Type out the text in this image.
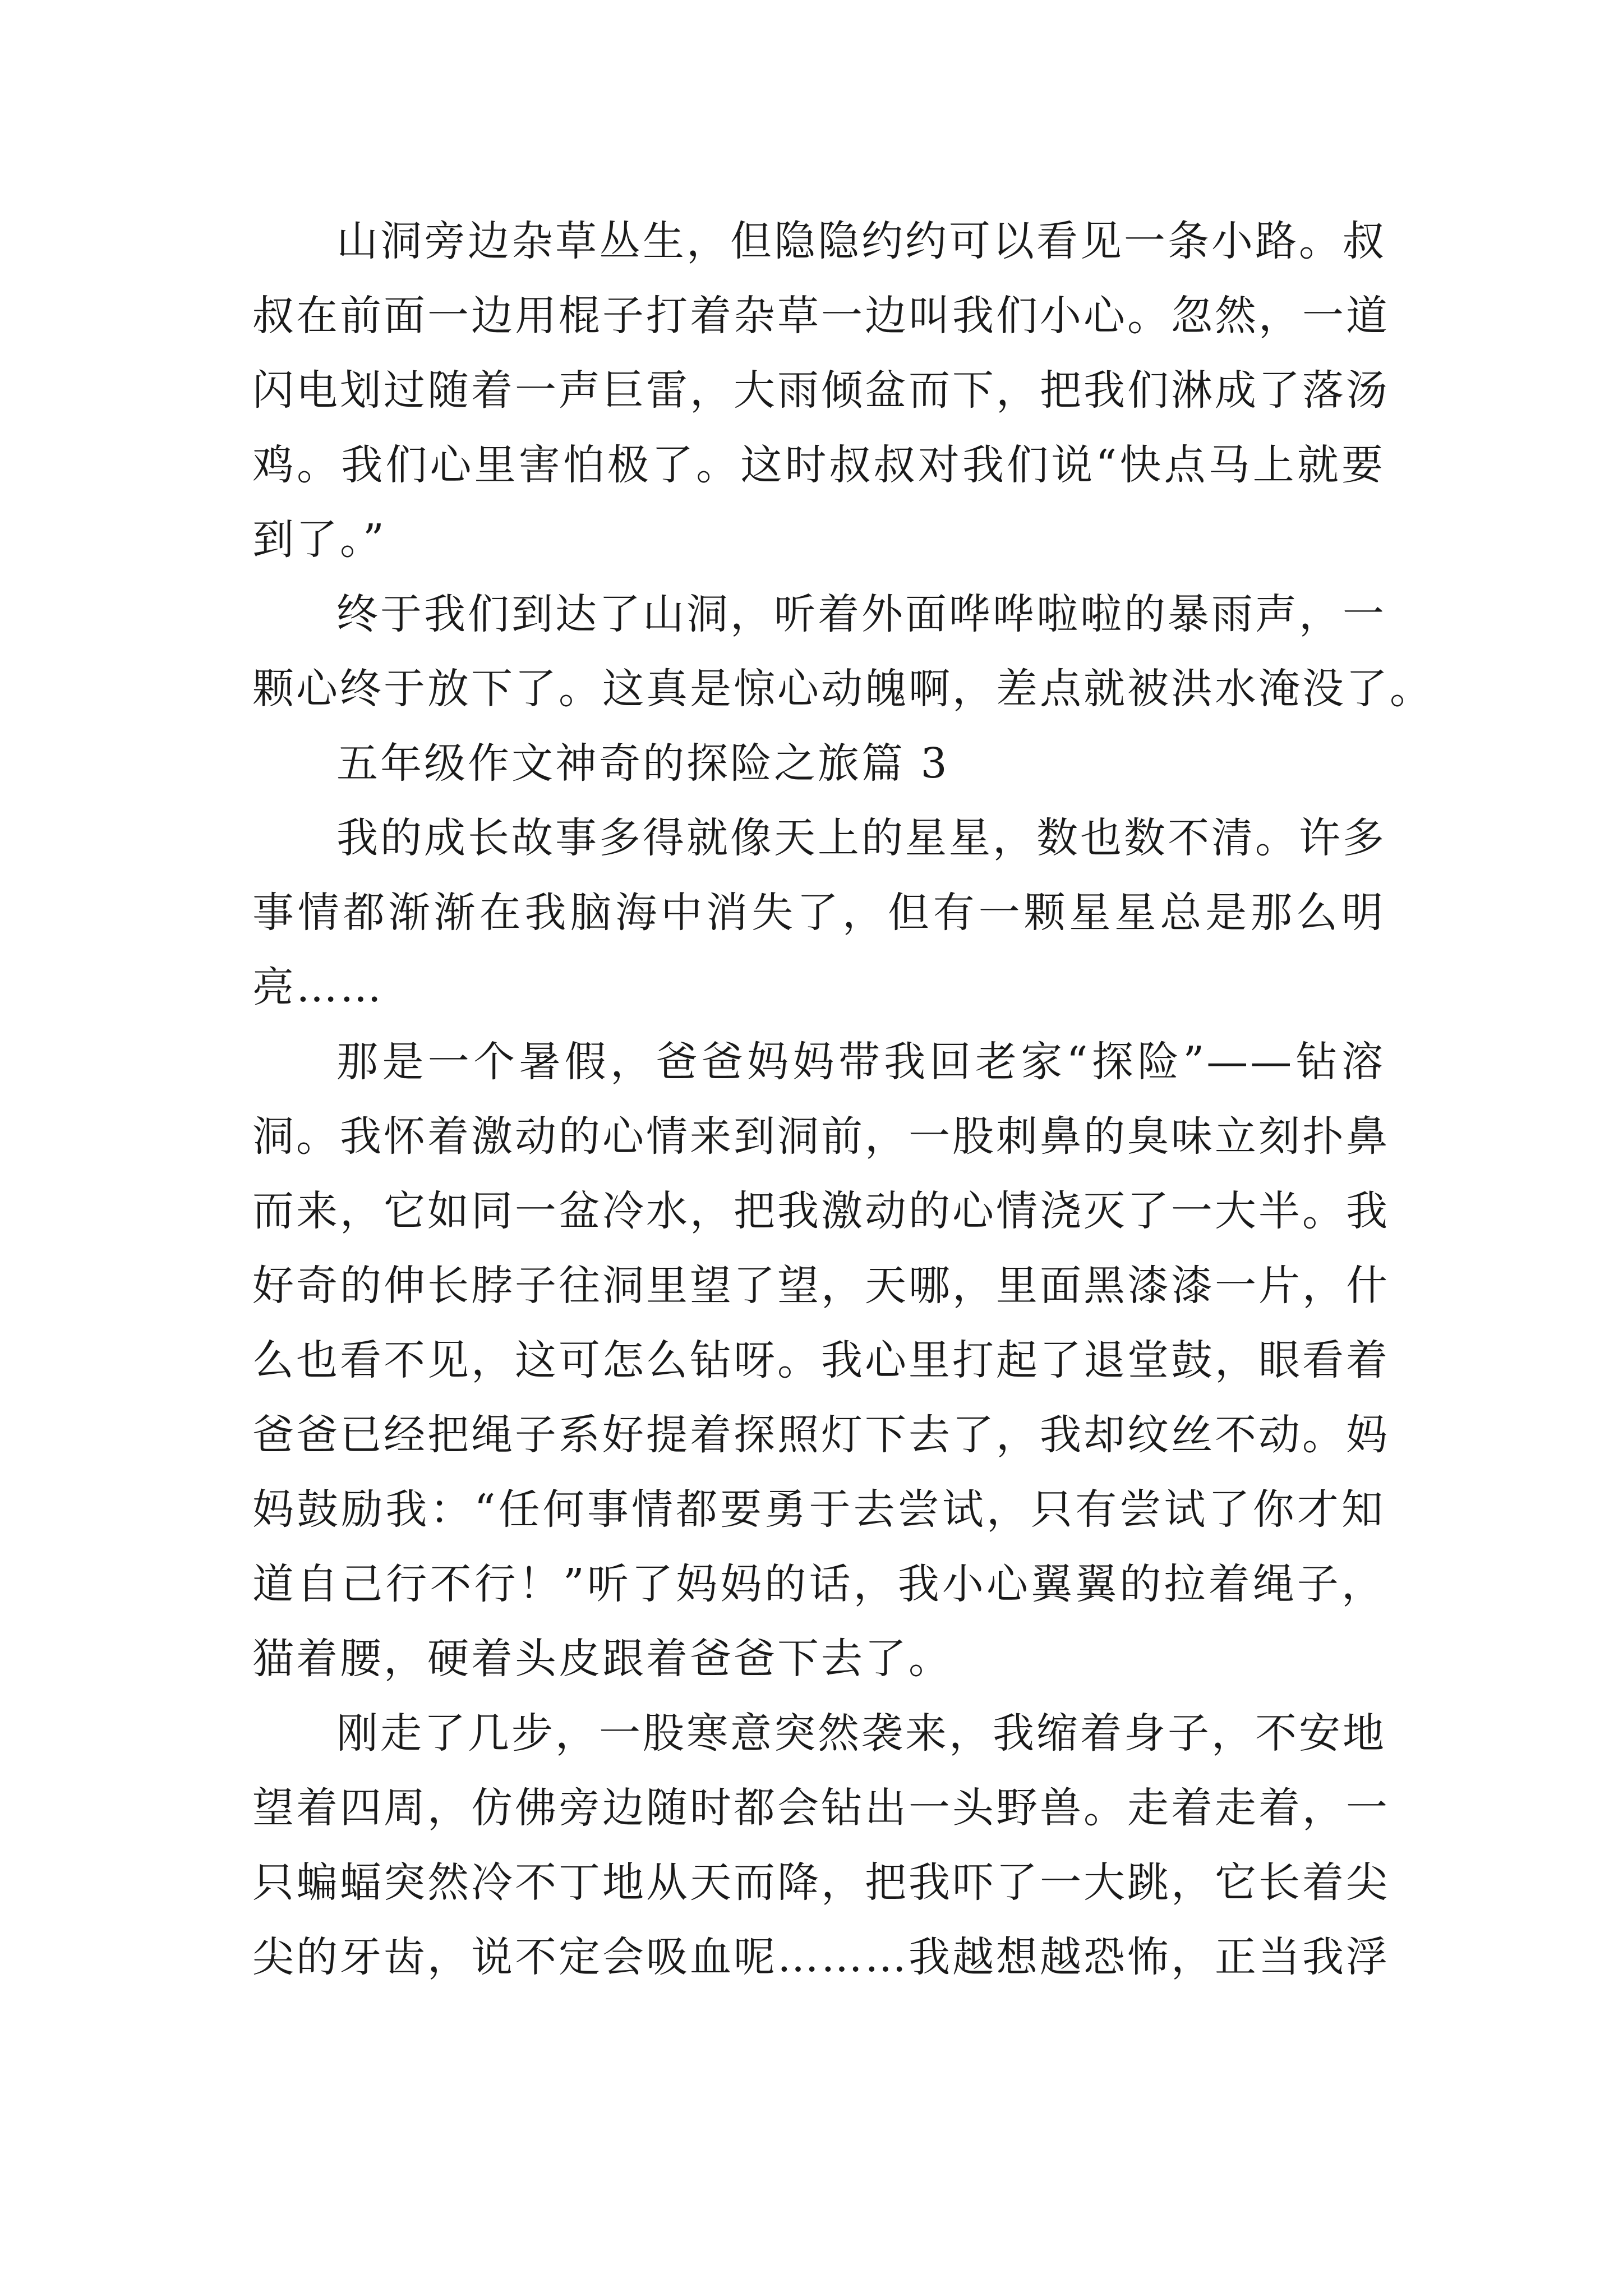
山洞旁边杂草丛生，但隐隐约约可以看见一条小路。叔
叔在前面一边用棍子打着杂草一边叫我们小心。忽然，一道
闪电划过随着一声巨雷，大雨倾盆而下，把我们淋成了落汤
鸡。我们心里害怕极了。这时叔叔对我们说“快点马上就要
到了。”
终于我们到达了山洞，听着外面哗哗啦啦的暴雨声，一
颗心终于放下了。这真是惊心动魄啊，差点就被洪水淹没了。
五年级作文神奇的探险之旅篇 3
我的成长故事多得就像天上的星星，数也数不清。许多
事情都渐渐在我脑海中消失了，但有一颗星星总是那么明
亮……
那是一个暑假，爸爸妈妈带我回老家“探险”——钻溶
洞。我怀着激动的心情来到洞前，一股刺鼻的臭味立刻扑鼻
而来，它如同一盆冷水，把我激动的心情浇灭了一大半。我
好奇的伸长脖子往洞里望了望，天哪，里面黑漆漆一片，什
么也看不见，这可怎么钻呀。我心里打起了退堂鼓，眼看着
爸爸已经把绳子系好提着探照灯下去了，我却纹丝不动。妈
妈鼓励我：“任何事情都要勇于去尝试，只有尝试了你才知
道自己行不行！”听了妈妈的话，我小心翼翼的拉着绳子，
猫着腰，硬着头皮跟着爸爸下去了。
刚走了几步，一股寒意突然袭来，我缩着身子，不安地
望着四周，仿佛旁边随时都会钻出一头野兽。走着走着，一
只蝙蝠突然冷不丁地从天而降，把我吓了一大跳，它长着尖
尖的牙齿，说不定会吸血呢………我越想越恐怖，正当我浮
